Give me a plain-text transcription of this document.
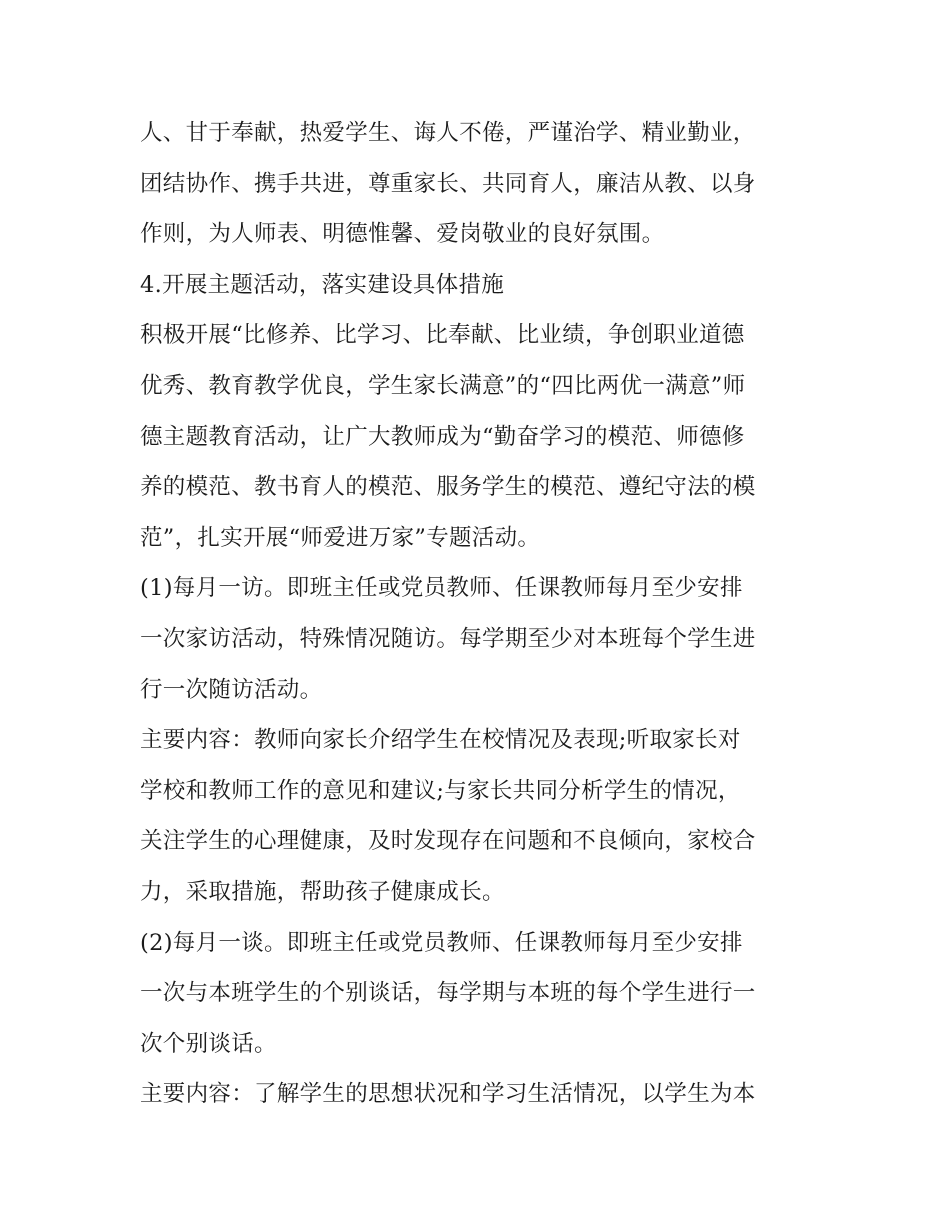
人、甘于奉献，热爱学生、诲人不倦，严谨治学、精业勤业，
团结协作、携手共进，尊重家长、共同育人，廉洁从教、以身
作则，为人师表、明德惟馨、爱岗敬业的良好氛围。
4.开展主题活动，落实建设具体措施
积极开展“比修养、比学习、比奉献、比业绩，争创职业道德
优秀、教育教学优良，学生家长满意”的“四比两优一满意”师
德主题教育活动，让广大教师成为“勤奋学习的模范、师德修
养的模范、教书育人的模范、服务学生的模范、遵纪守法的模
范”，扎实开展“师爱进万家”专题活动。
(1)每月一访。即班主任或党员教师、任课教师每月至少安排
一次家访活动，特殊情况随访。每学期至少对本班每个学生进
行一次随访活动。
主要内容：教师向家长介绍学生在校情况及表现;听取家长对
学校和教师工作的意见和建议;与家长共同分析学生的情况，
关注学生的心理健康，及时发现存在问题和不良倾向，家校合
力，采取措施，帮助孩子健康成长。
(2)每月一谈。即班主任或党员教师、任课教师每月至少安排
一次与本班学生的个别谈话，每学期与本班的每个学生进行一
次个别谈话。
主要内容：了解学生的思想状况和学习生活情况，以学生为本
